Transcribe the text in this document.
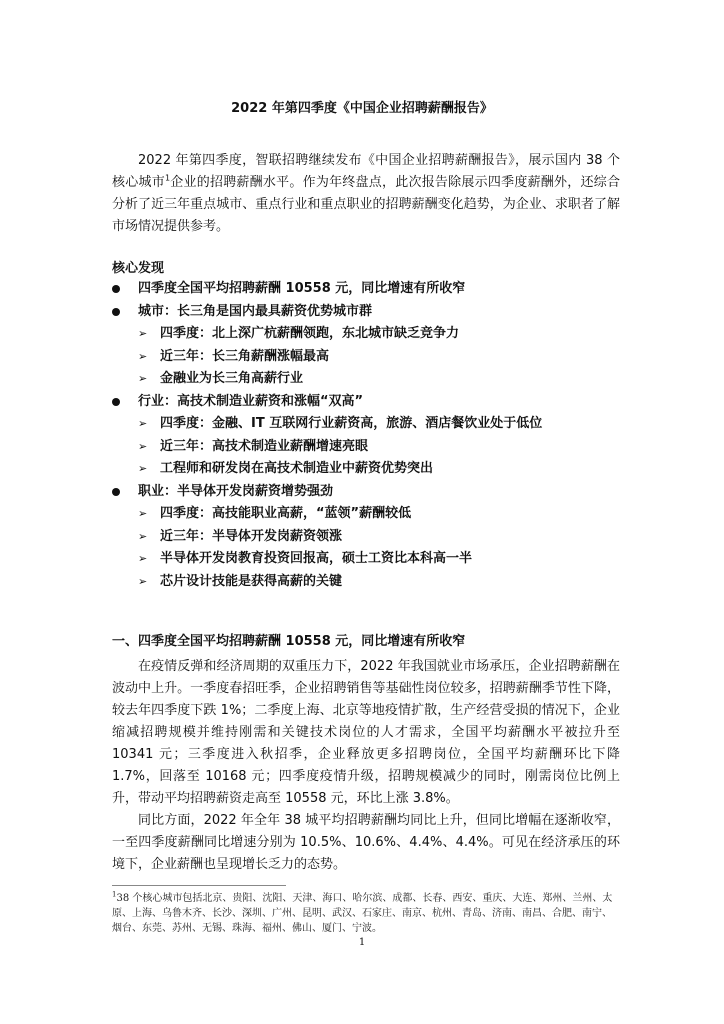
2022 年第四季度《中国企业招聘薪酬报告》
2022 年第四季度，智联招聘继续发布《中国企业招聘薪酬报告》，展示国内 38 个核心城市$^1$企业的招聘薪酬水平。作为年终盘点，此次报告除展示四季度薪酬外，还综合分析了近三年重点城市、重点行业和重点职业的招聘薪酬变化趋势，为企业、求职者了解市场情况提供参考。
核心发现
四季度全国平均招聘薪酬 10558 元，同比增速有所收窄
城市：长三角是国内最具薪资优势城市群
➢ 四季度：北上深广杭薪酬领跑，东北城市缺乏竞争力
➢ 近三年：长三角薪酬涨幅最高
➢ 金融业为长三角高薪行业
行业：高技术制造业薪资和涨幅“双高”
➢ 四季度：金融、IT 互联网行业薪资高，旅游、酒店餐饮业处于低位
➢ 近三年：高技术制造业薪酬增速亮眼
➢ 工程师和研发岗在高技术制造业中薪资优势突出
职业：半导体开发岗薪资增势强劲
➢ 四季度：高技能职业高薪，“蓝领”薪酬较低
➢ 近三年：半导体开发岗薪资领涨
➢ 半导体开发岗教育投资回报高，硕士工资比本科高一半
➢ 芯片设计技能是获得高薪的关键
一、四季度全国平均招聘薪酬 10558 元，同比增速有所收窄

在疫情反弹和经济周期的双重压力下，2022 年我国就业市场承压，企业招聘薪酬在波动中上升。一季度春招旺季，企业招聘销售等基础性岗位较多，招聘薪酬季节性下降，较去年四季度下跌 1%；二季度上海、北京等地疫情扩散，生产经营受损的情况下，企业缩减招聘规模并维持刚需和关键技术岗位的人才需求，全国平均薪酬水平被拉升至 10341 元；三季度进入秋招季，企业释放更多招聘岗位，全国平均薪酬环比下降 1.7%，回落至 10168 元；四季度疫情升级，招聘规模减少的同时，刚需岗位比例上升，带动平均招聘薪资走高至 10558 元，环比上涨 3.8%。

同比方面，2022 年全年 38 城平均招聘薪酬均同比上升，但同比增幅在逐渐收窄，一至四季度薪酬同比增速分别为 10.5%、10.6%、4.4%、4.4%。可见在经济承压的环境下，企业薪酬也呈现增长乏力的态势。

$^1$38 个核心城市包括北京、贵阳、沈阳、天津、海口、哈尔滨、成都、长春、西安、重庆、大连、郑州、兰州、太原、上海、乌鲁木齐、长沙、深圳、广州、昆明、武汉、石家庄、南京、杭州、青岛、济南、南昌、合肥、南宁、烟台、东莞、苏州、无锡、珠海、福州、佛山、厦门、宁波。
1
